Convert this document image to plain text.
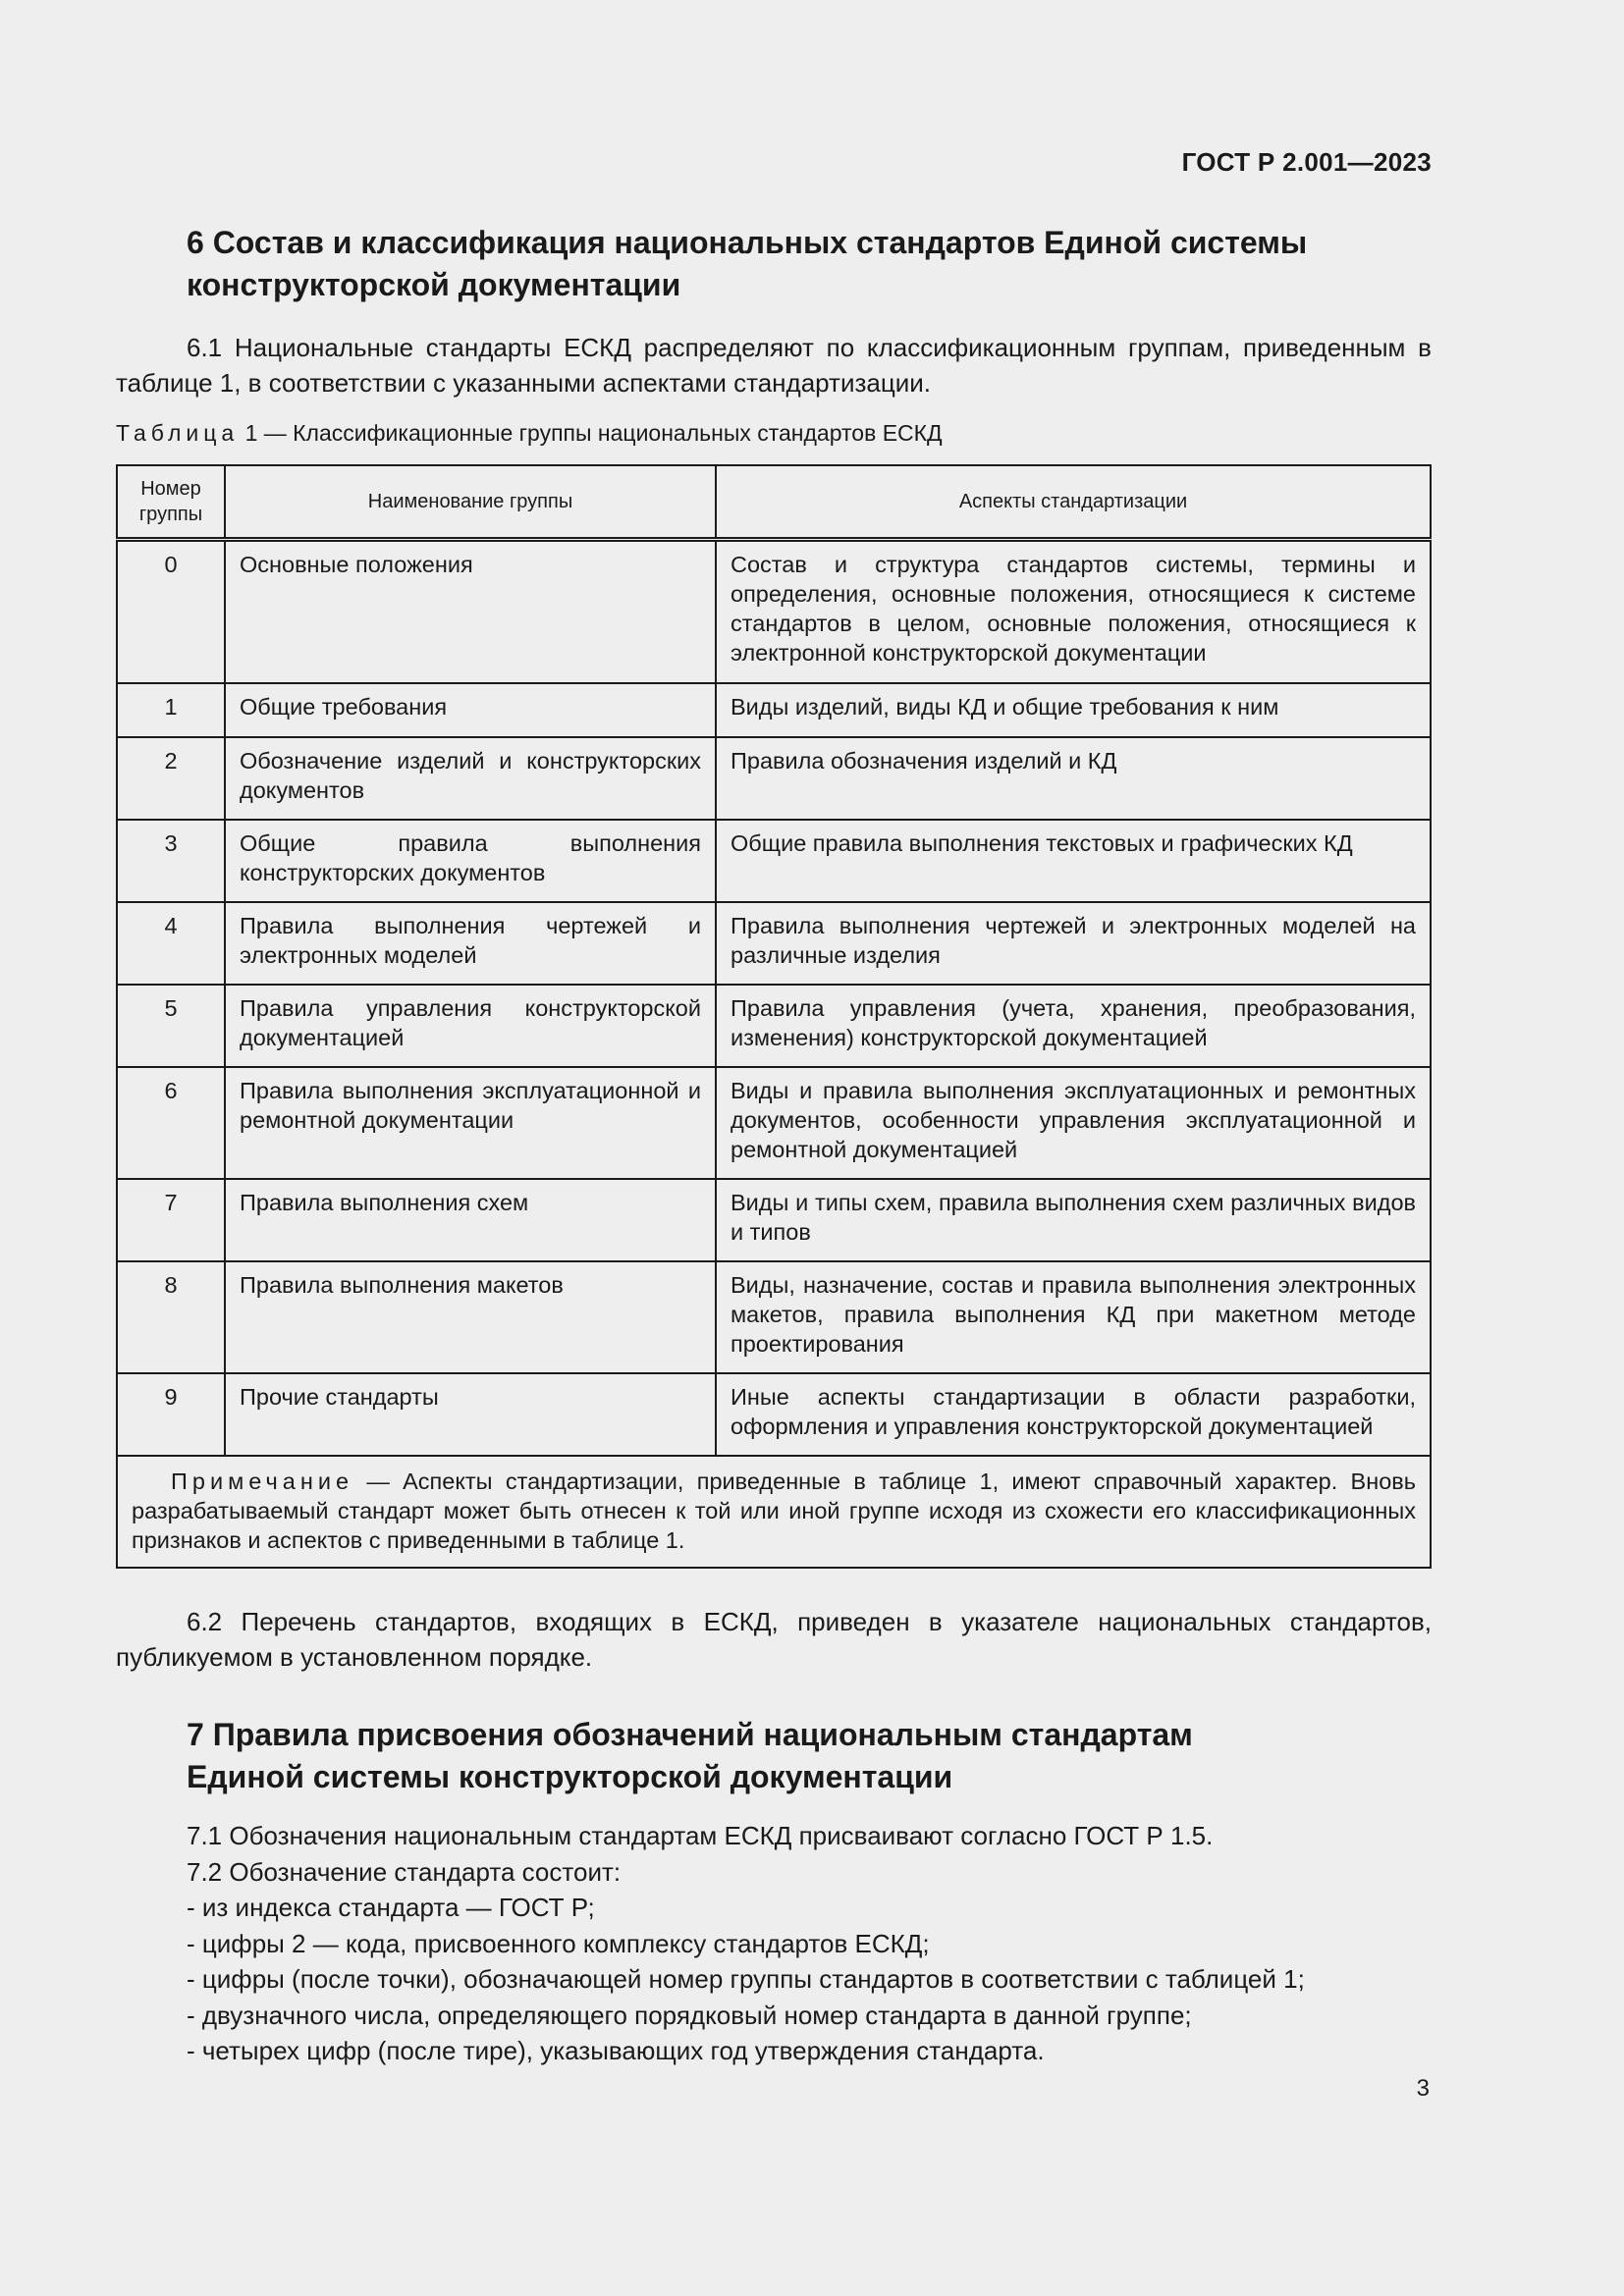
ГОСТ Р 2.001—2023
6 Состав и классификация национальных стандартов Единой системы
конструкторской документации
6.1 Национальные стандарты ЕСКД распределяют по классификационным группам, приведенным в таблице 1, в соответствии с указанными аспектами стандартизации.
Таблица 1 — Классификационные группы национальных стандартов ЕСКД
Номер группы	Наименование группы	Аспекты стандартизации
0	Основные положения	Состав и структура стандартов системы, термины и определения, основные положения, относящиеся к системе стандартов в целом, основные положения, относящиеся к электронной конструкторской документации
1	Общие требования	Виды изделий, виды КД и общие требования к ним
2	Обозначение изделий и конструкторских документов	Правила обозначения изделий и КД
3	Общие правила выполнения конструкторских документов	Общие правила выполнения текстовых и графических КД
4	Правила выполнения чертежей и электронных моделей	Правила выполнения чертежей и электронных моделей на различные изделия
5	Правила управления конструкторской документацией	Правила управления (учета, хранения, преобразования, изменения) конструкторской документацией
6	Правила выполнения эксплуатационной и ремонтной документации	Виды и правила выполнения эксплуатационных и ремонтных документов, особенности управления эксплуатационной и ремонтной документацией
7	Правила выполнения схем	Виды и типы схем, правила выполнения схем различных видов и типов
8	Правила выполнения макетов	Виды, назначение, состав и правила выполнения электронных макетов, правила выполнения КД при макетном методе проектирования
9	Прочие стандарты	Иные аспекты стандартизации в области разработки, оформления и управления конструкторской документацией
Примечание — Аспекты стандартизации, приведенные в таблице 1, имеют справочный характер. Вновь разрабатываемый стандарт может быть отнесен к той или иной группе исходя из схожести его классификационных признаков и аспектов с приведенными в таблице 1.		
6.2 Перечень стандартов, входящих в ЕСКД, приведен в указателе национальных стандартов, публикуемом в установленном порядке.
7 Правила присвоения обозначений национальным стандартам
Единой системы конструкторской документации
7.1 Обозначения национальным стандартам ЕСКД присваивают согласно ГОСТ Р 1.5.
7.2 Обозначение стандарта состоит:
- из индекса стандарта — ГОСТ Р;
- цифры 2 — кода, присвоенного комплексу стандартов ЕСКД;
- цифры (после точки), обозначающей номер группы стандартов в соответствии с таблицей 1;
- двузначного числа, определяющего порядковый номер стандарта в данной группе;
- четырех цифр (после тире), указывающих год утверждения стандарта.
3
